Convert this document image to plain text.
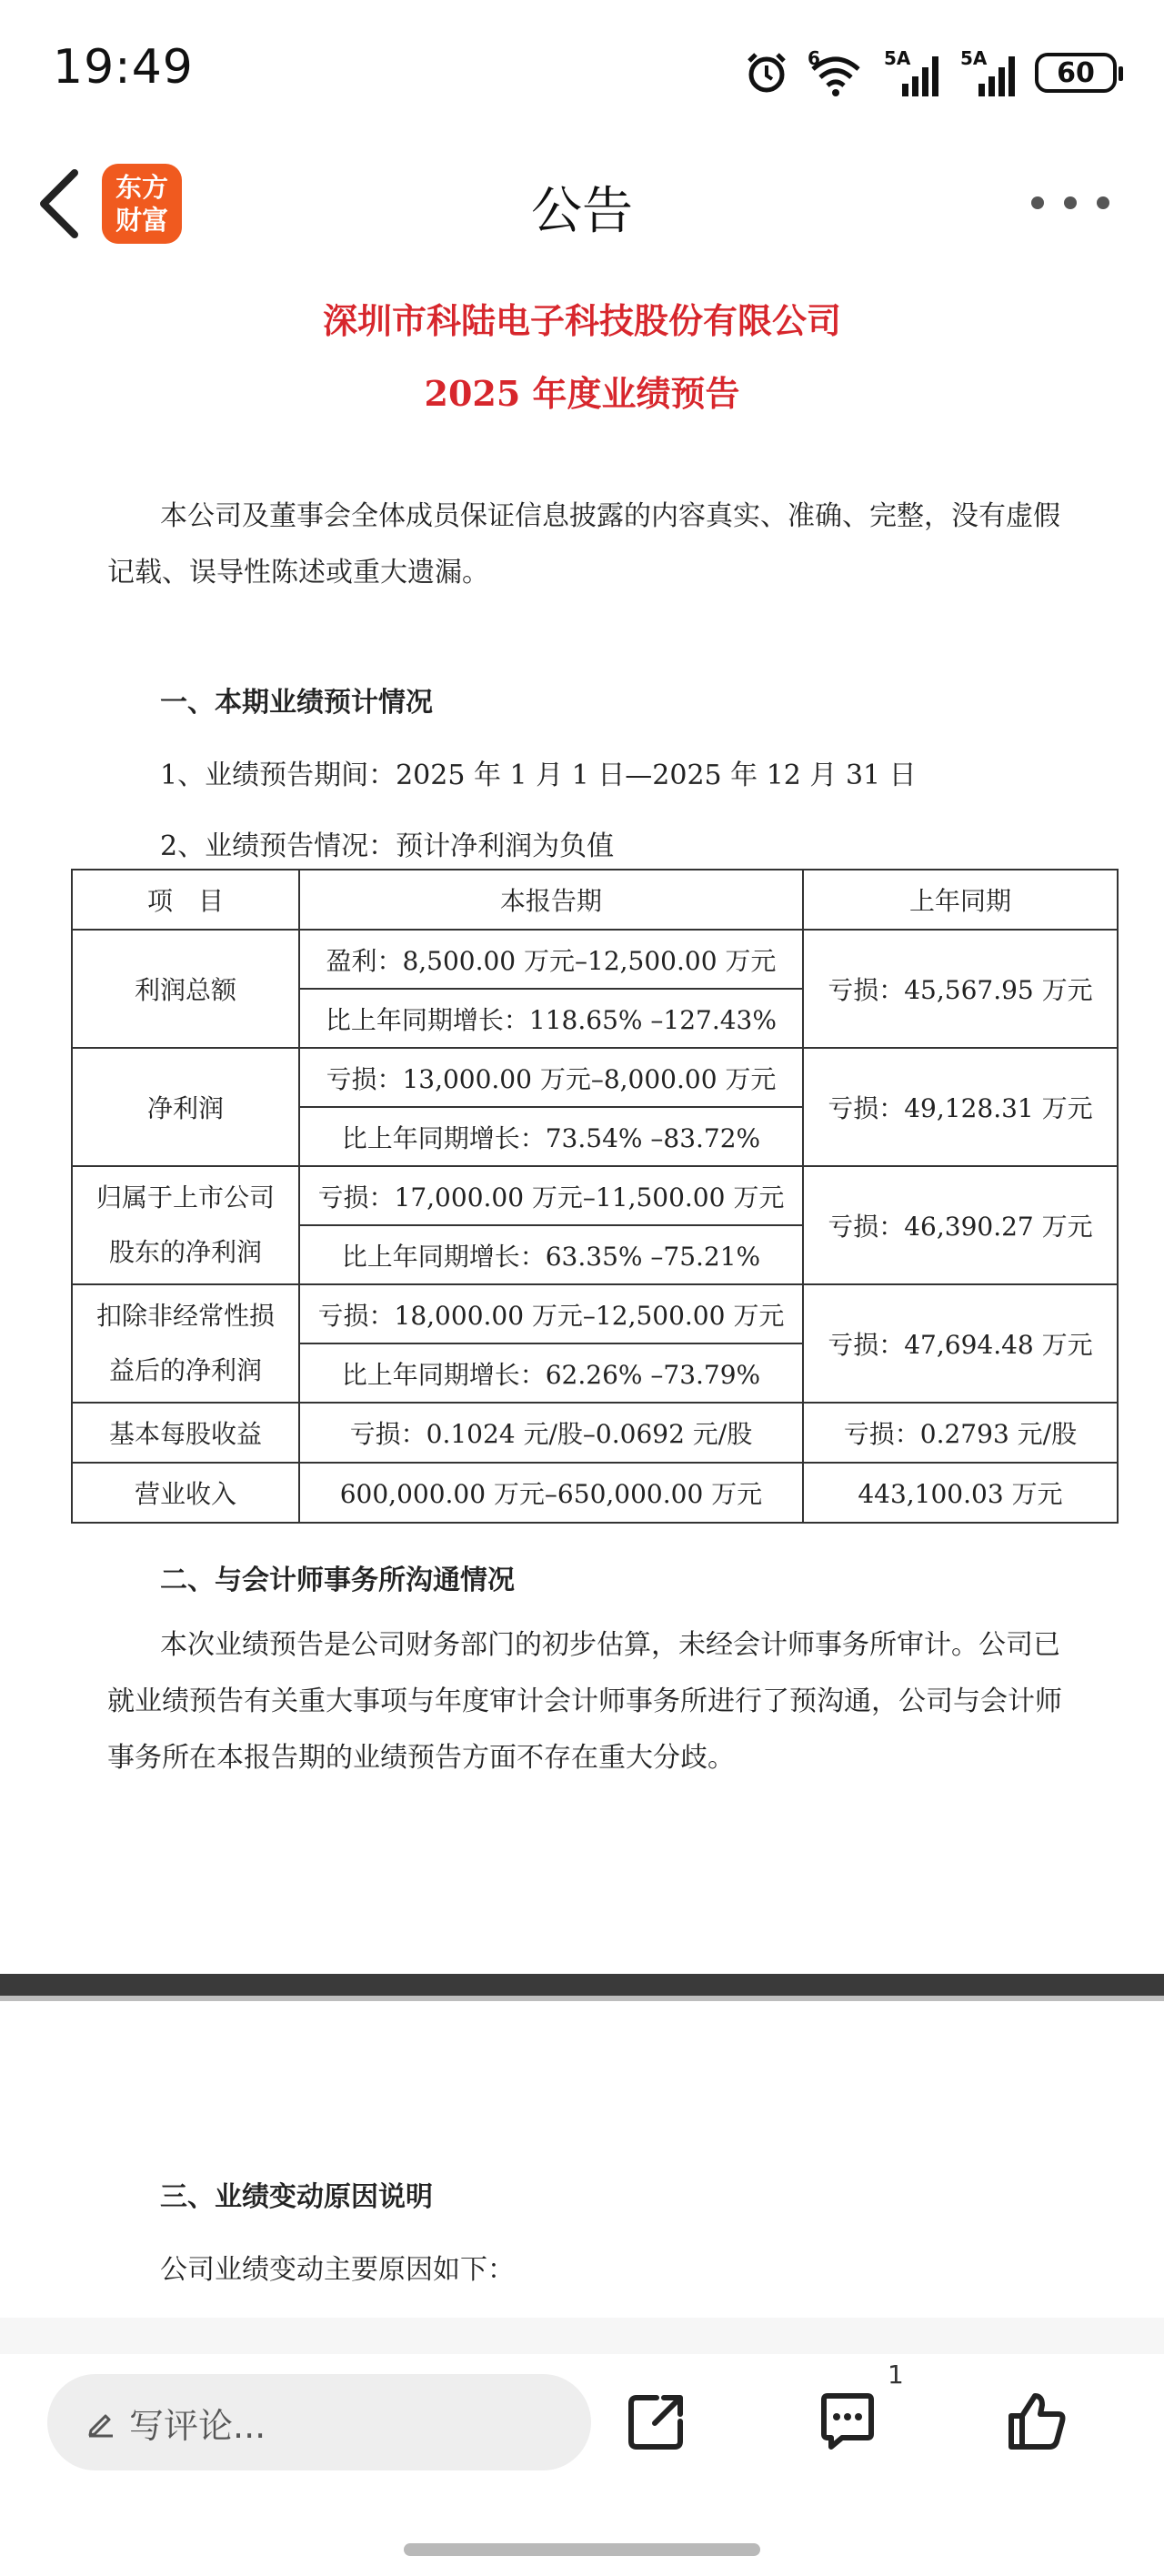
19:49	6	5A	5A	60
东方
财富	公告
深圳市科陆电子科技股份有限公司
2025 年度业绩预告
本公司及董事会全体成员保证信息披露的内容真实、准确、完整，没有虚假
记载、误导性陈述或重大遗漏。
一、本期业绩预计情况
1、业绩预告期间：2025 年 1 月 1 日—2025 年 12 月 31 日
2、业绩预告情况：预计净利润为负值
项　目	本报告期	上年同期
利润总额	盈利：8,500.00 万元–12,500.00 万元	亏损：45,567.95 万元
	比上年同期增长：118.65% –127.43%	
净利润	亏损：13,000.00 万元–8,000.00 万元	亏损：49,128.31 万元
	比上年同期增长：73.54% –83.72%	

归属于上市公司
股东的净利润	亏损：17,000.00 万元–11,500.00 万元	亏损：46,390.27 万元
	比上年同期增长：63.35% –75.21%	

扣除非经常性损
益后的净利润	亏损：18,000.00 万元–12,500.00 万元	亏损：47,694.48 万元
	比上年同期增长：62.26% –73.79%	
基本每股收益	亏损：0.1024 元/股–0.0692 元/股	亏损：0.2793 元/股
营业收入	600,000.00 万元–650,000.00 万元	443,100.03 万元
二、与会计师事务所沟通情况
本次业绩预告是公司财务部门的初步估算，未经会计师事务所审计。公司已
就业绩预告有关重大事项与年度审计会计师事务所进行了预沟通，公司与会计师
事务所在本报告期的业绩预告方面不存在重大分歧。
三、业绩变动原因说明
公司业绩变动主要原因如下：
写评论...
1
